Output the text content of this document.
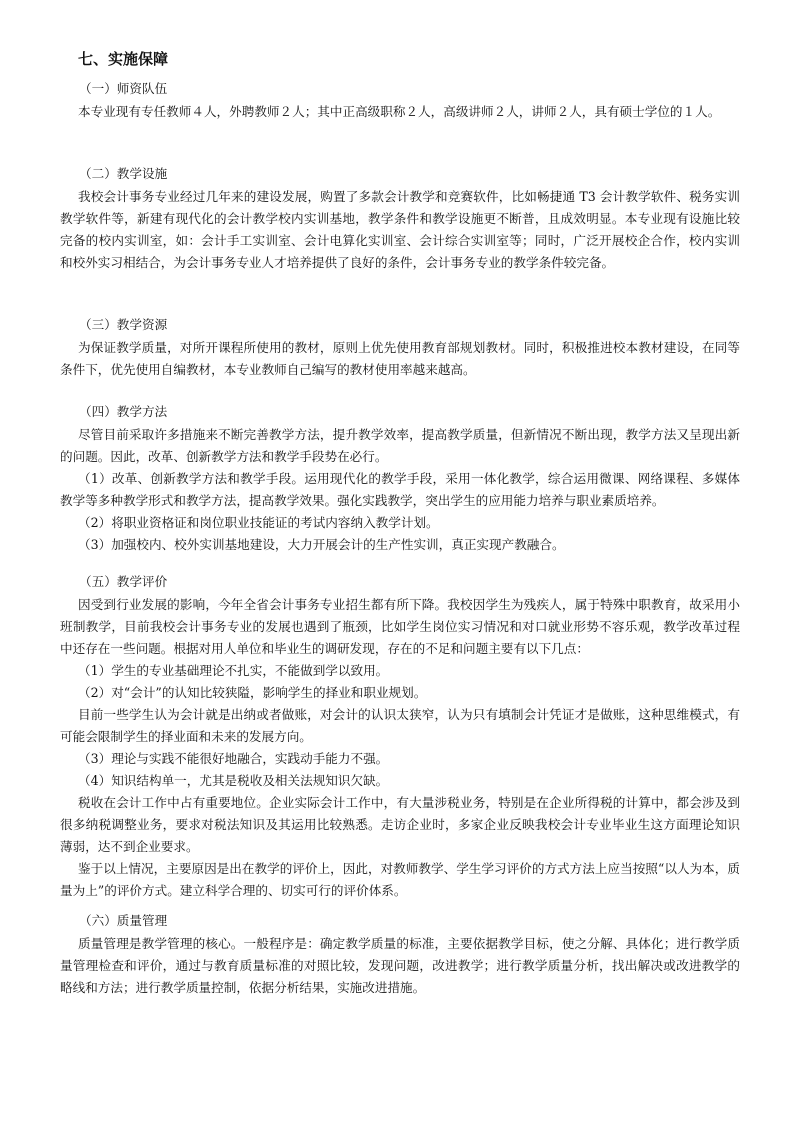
七、实施保障

（一）师资队伍

本专业现有专任教师４人，外聘教师２人；其中正高级职称２人，高级讲师２人，讲师２人，具有硕士学位的１人。

（二）教学设施

我校会计事务专业经过几年来的建设发展，购置了多款会计教学和竞赛软件，比如畅捷通 T3 会计教学软件、税务实训教学软件等，新建有现代化的会计教学校内实训基地，教学条件和教学设施更不断普，且成效明显。本专业现有设施比较完备的校内实训室，如：会计手工实训室、会计电算化实训室、会计综合实训室等；同时，广泛开展校企合作，校内实训和校外实习相结合，为会计事务专业人才培养提供了良好的条件，会计事务专业的教学条件较完备。

（三）教学资源

为保证教学质量，对所开课程所使用的教材，原则上优先使用教育部规划教材。同时，积极推进校本教材建设，在同等条件下，优先使用自编教材，本专业教师自己编写的教材使用率越来越高。

（四）教学方法

尽管目前采取许多措施来不断完善教学方法，提升教学效率，提高教学质量，但新情况不断出现，教学方法又呈现出新的问题。因此，改革、创新教学方法和教学手段势在必行。

（1）改革、创新教学方法和教学手段。运用现代化的教学手段，采用一体化教学，综合运用微课、网络课程、多媒体教学等多种教学形式和教学方法，提高教学效果。强化实践教学，突出学生的应用能力培养与职业素质培养。

（2）将职业资格证和岗位职业技能证的考试内容纳入教学计划。

（3）加强校内、校外实训基地建设，大力开展会计的生产性实训，真正实现产教融合。

（五）教学评价

因受到行业发展的影响，今年全省会计事务专业招生都有所下降。我校因学生为残疾人，属于特殊中职教育，故采用小班制教学，目前我校会计事务专业的发展也遇到了瓶颈，比如学生岗位实习情况和对口就业形势不容乐观，教学改革过程中还存在一些问题。根据对用人单位和毕业生的调研发现，存在的不足和问题主要有以下几点：

（1）学生的专业基础理论不扎实，不能做到学以致用。

（2）对“会计”的认知比较狭隘，影响学生的择业和职业规划。

目前一些学生认为会计就是出纳或者做账，对会计的认识太狭窄，认为只有填制会计凭证才是做账，这种思维模式，有可能会限制学生的择业面和未来的发展方向。

（3）理论与实践不能很好地融合，实践动手能力不强。

（4）知识结构单一，尤其是税收及相关法规知识欠缺。

税收在会计工作中占有重要地位。企业实际会计工作中，有大量涉税业务，特别是在企业所得税的计算中，都会涉及到很多纳税调整业务，要求对税法知识及其运用比较熟悉。走访企业时，多家企业反映我校会计专业毕业生这方面理论知识薄弱，达不到企业要求。

鉴于以上情况，主要原因是出在教学的评价上，因此，对教师教学、学生学习评价的方式方法上应当按照“以人为本，质量为上”的评价方式。建立科学合理的、切实可行的评价体系。

（六）质量管理

质量管理是教学管理的核心。一般程序是：确定教学质量的标准，主要依据教学目标，使之分解、具体化；进行教学质量管理检查和评价，通过与教育质量标准的对照比较，发现问题，改进教学；进行教学质量分析，找出解决或改进教学的略线和方法；进行教学质量控制，依据分析结果，实施改进措施。
